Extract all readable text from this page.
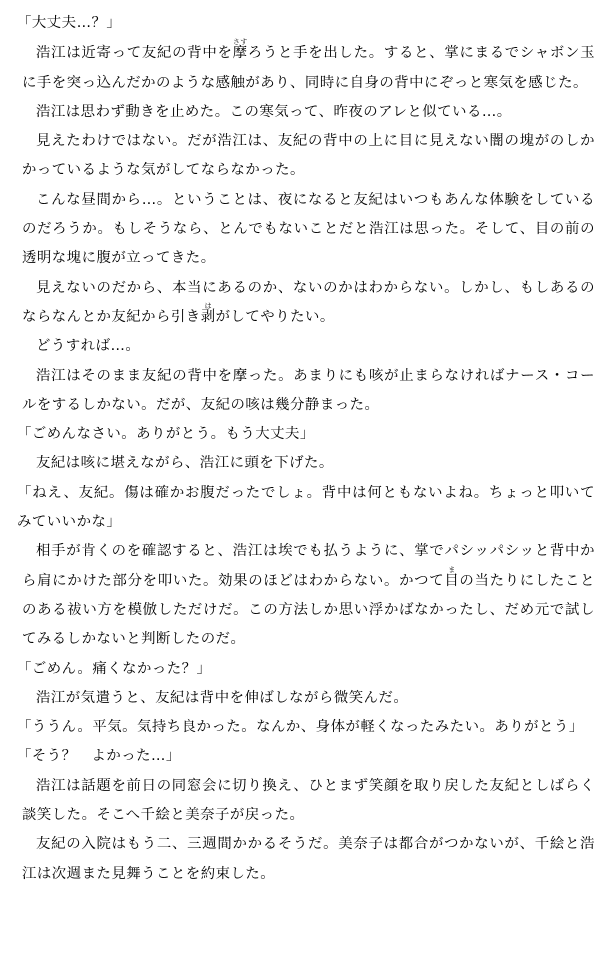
「大丈夫…？」

浩江は近寄って友紀の背中を摩さすろうと手を出した。すると、掌にまるでシャボン玉に手を突っ込んだかのような感触があり、同時に自身の背中にぞっと寒気を感じた。

浩江は思わず動きを止めた。この寒気って、昨夜のアレと似ている…。

見えたわけではない。だが浩江は、友紀の背中の上に目に見えない闇の塊がのしかかっているような気がしてならなかった。

こんな昼間から…。ということは、夜になると友紀はいつもあんな体験をしているのだろうか。もしそうなら、とんでもないことだと浩江は思った。そして、目の前の透明な塊に腹が立ってきた。

見えないのだから、本当にあるのか、ないのかはわからない。しかし、もしあるのならなんとか友紀から引き剥はがしてやりたい。

どうすれば…。

浩江はそのまま友紀の背中を摩った。あまりにも咳が止まらなければナース・コールをするしかない。だが、友紀の咳は幾分静まった。

「ごめんなさい。ありがとう。もう大丈夫」

友紀は咳に堪えながら、浩江に頭を下げた。

「ねえ、友紀。傷は確かお腹だったでしょ。背中は何ともないよね。ちょっと叩いてみていいかな」

相手が肯くのを確認すると、浩江は埃でも払うように、掌でパシッパシッと背中から肩にかけた部分を叩いた。効果のほどはわからない。かつて目まの当たりにしたことのある祓い方を模倣しただけだ。この方法しか思い浮かばなかったし、だめ元で試してみるしかないと判断したのだ。

「ごめん。痛くなかった？」

浩江が気遣うと、友紀は背中を伸ばしながら微笑んだ。

「ううん。平気。気持ち良かった。なんか、身体が軽くなったみたい。ありがとう」

「そう？　よかった…」

浩江は話題を前日の同窓会に切り換え、ひとまず笑顔を取り戻した友紀としばらく談笑した。そこへ千絵と美奈子が戻った。

友紀の入院はもう二、三週間かかるそうだ。美奈子は都合がつかないが、千絵と浩江は次週また見舞うことを約束した。
